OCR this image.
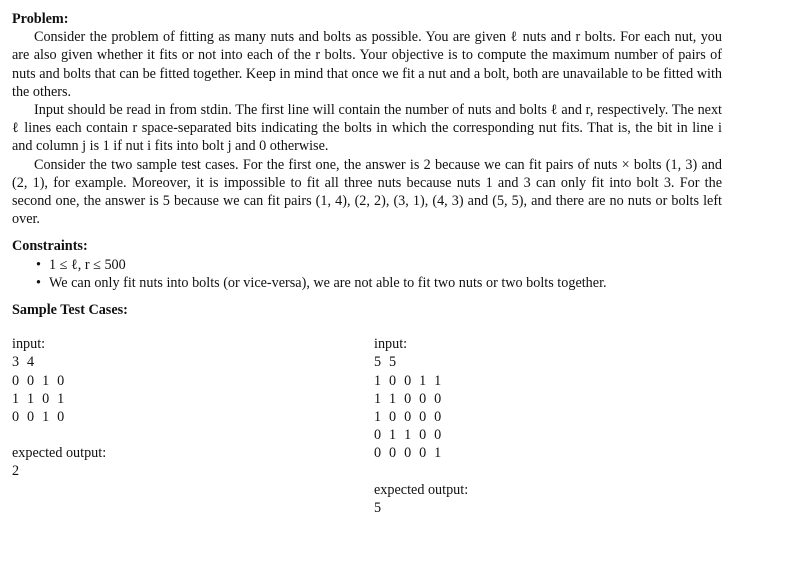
Problem:

Consider the problem of fitting as many nuts and bolts as possible. You are given ℓ nuts and r bolts. For each nut, you are also given whether it fits or not into each of the r bolts. Your objective is to compute the maximum number of pairs of nuts and bolts that can be fitted together. Keep in mind that once we fit a nut and a bolt, both are unavailable to be fitted with the others.

Input should be read in from stdin. The first line will contain the number of nuts and bolts ℓ and r, respectively. The next ℓ lines each contain r space-separated bits indicating the bolts in which the corresponding nut fits. That is, the bit in line i and column j is 1 if nut i fits into bolt j and 0 otherwise.

Consider the two sample test cases. For the first one, the answer is 2 because we can fit pairs of nuts × bolts (1, 3) and (2, 1), for example. Moreover, it is impossible to fit all three nuts because nuts 1 and 3 can only fit into bolt 3. For the second one, the answer is 5 because we can fit pairs (1, 4), (2, 2), (3, 1), (4, 3) and (5, 5), and there are no nuts or bolts left over.

Constraints:
• 1 ≤ ℓ, r ≤ 500
• We can only fit nuts into bolts (or vice-versa), we are not able to fit two nuts or two bolts together.
Sample Test Cases:
input:
3 4
0 0 1 0
1 1 0 1
0 0 1 0
expected output:
2
input:
5 5
1 0 0 1 1
1 1 0 0 0
1 0 0 0 0
0 1 1 0 0
0 0 0 0 1
expected output:
5
